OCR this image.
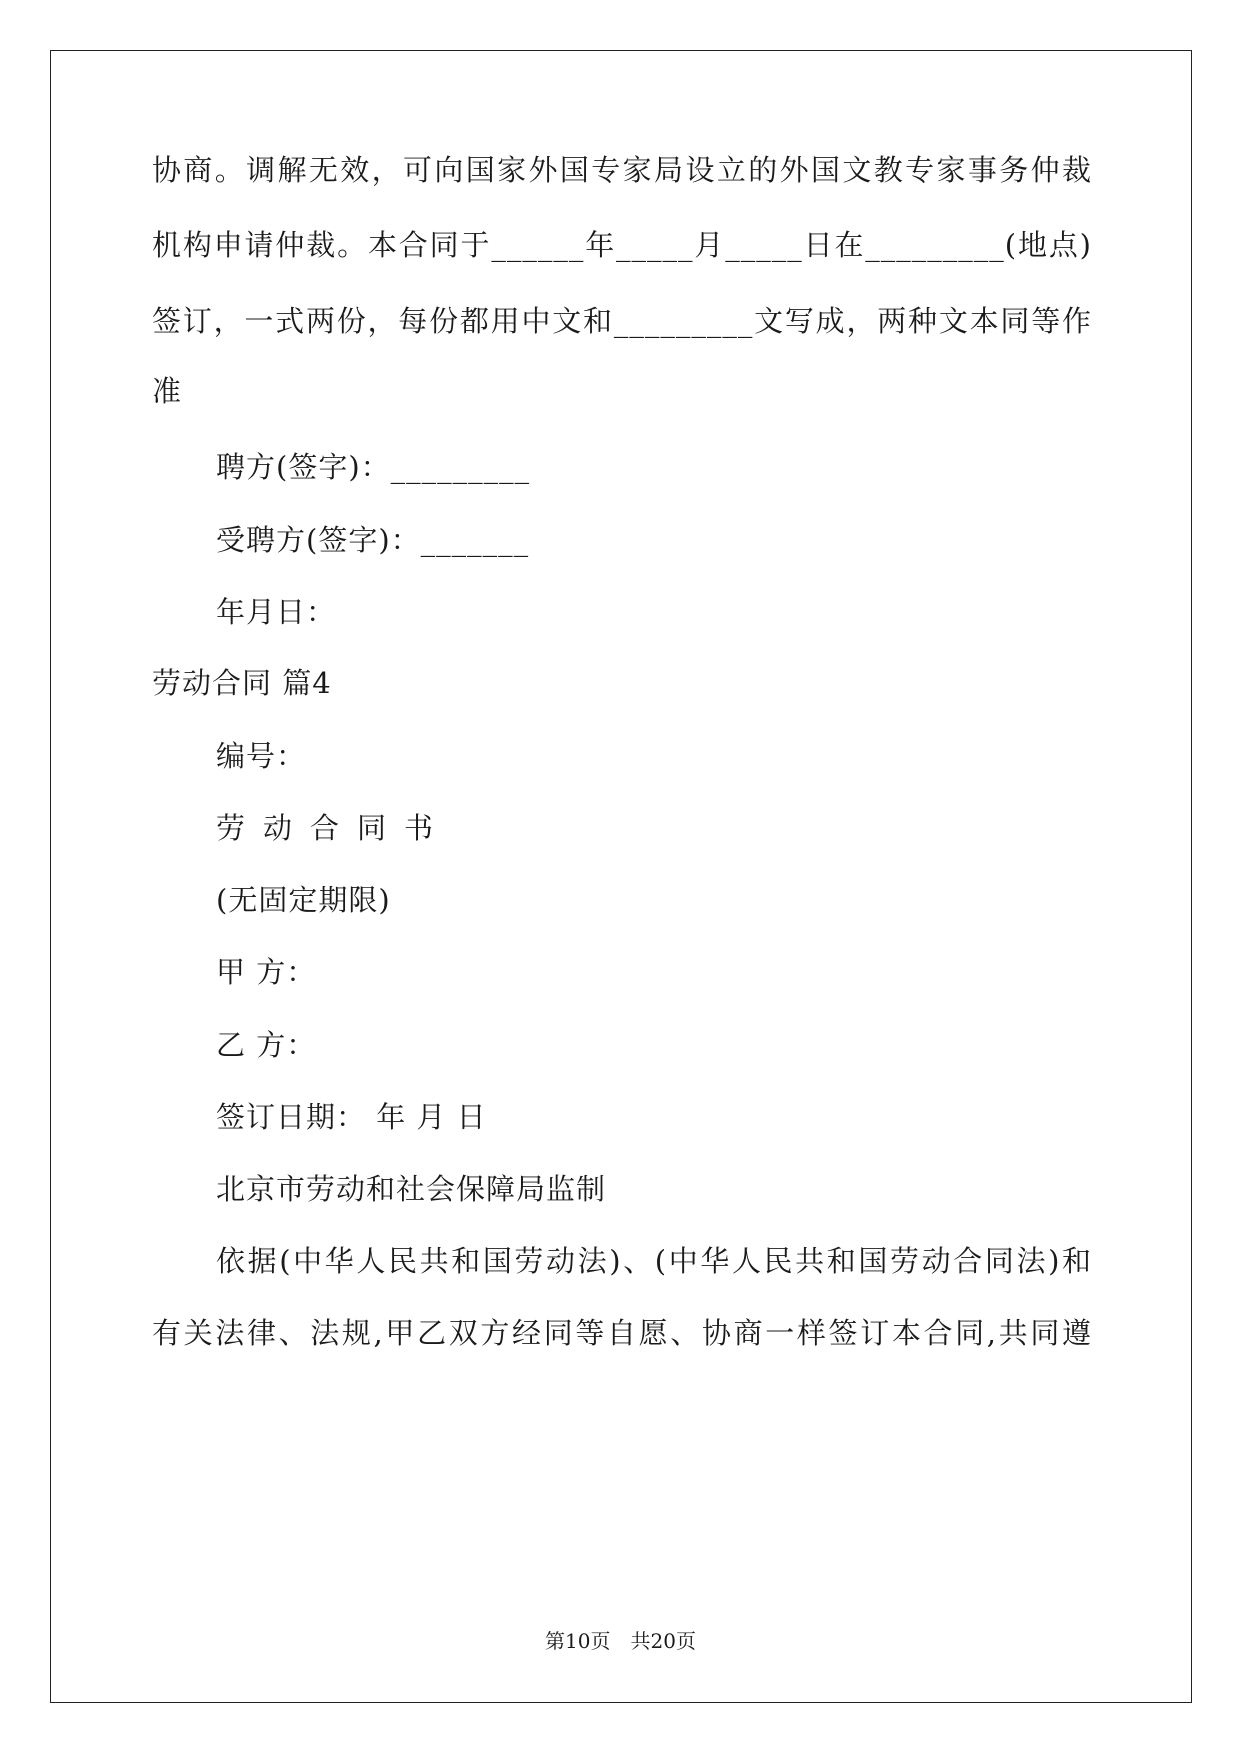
协商。调解无效，可向国家外国专家局设立的外国文教专家事务仲裁
机构申请仲裁。本合同于______年_____月_____日在_________(地点)
签订，一式两份，每份都用中文和_________文写成，两种文本同等作
准
聘方(签字)：_________
受聘方(签字)：_______
年月日：
劳动合同 篇4
编号：
劳动合同书
(无固定期限)
甲 方：
乙 方：
签订日期： 年 月 日
北京市劳动和社会保障局监制
依据(中华人民共和国劳动法)、(中华人民共和国劳动合同法)和
有关法律、法规,甲乙双方经同等自愿、协商一样签订本合同,共同遵
第10页　共20页
